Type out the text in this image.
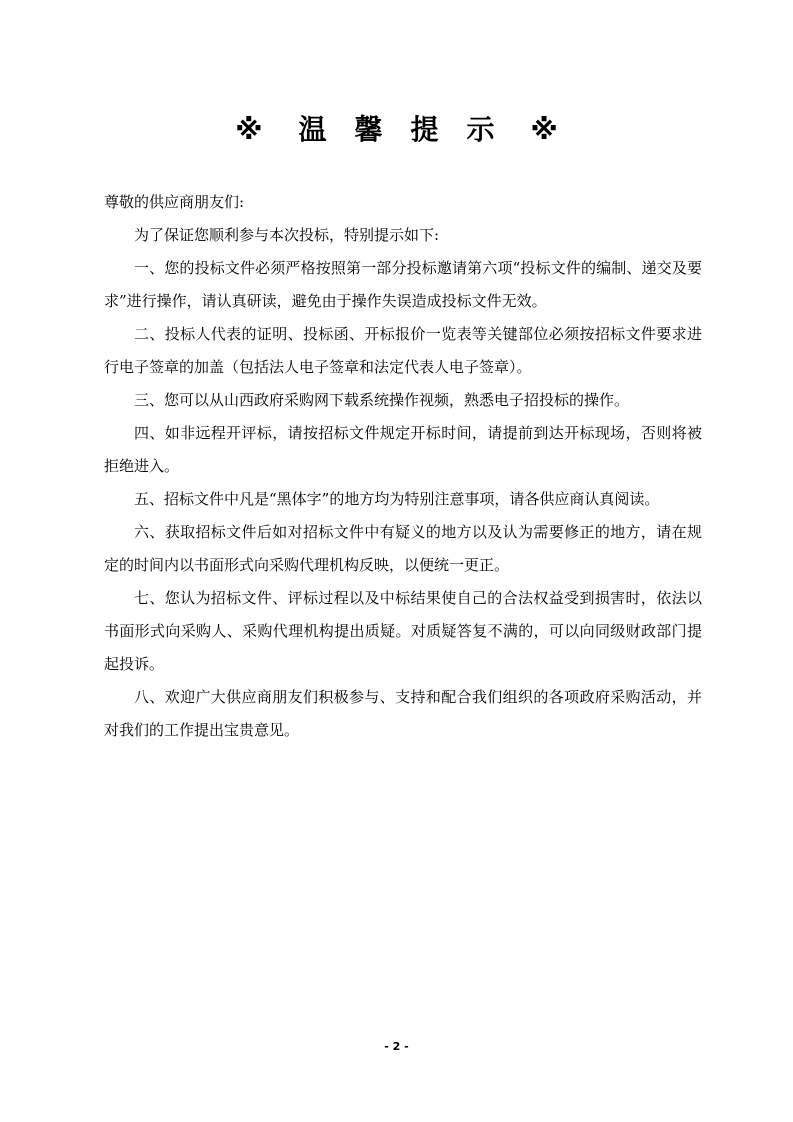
※ 温 馨 提 示 ※

尊敬的供应商朋友们:

为了保证您顺利参与本次投标，特别提示如下:

一、您的投标文件必须严格按照第一部分投标邀请第六项“投标文件的编制、递交及要求”进行操作，请认真研读，避免由于操作失误造成投标文件无效。

二、投标人代表的证明、投标函、开标报价一览表等关键部位必须按招标文件要求进行电子签章的加盖（包括法人电子签章和法定代表人电子签章）。

三、您可以从山西政府采购网下载系统操作视频，熟悉电子招投标的操作。

四、如非远程开评标，请按招标文件规定开标时间，请提前到达开标现场，否则将被拒绝进入。

五、招标文件中凡是“黑体字”的地方均为特别注意事项，请各供应商认真阅读。

六、获取招标文件后如对招标文件中有疑义的地方以及认为需要修正的地方，请在规定的时间内以书面形式向采购代理机构反映，以便统一更正。

七、您认为招标文件、评标过程以及中标结果使自己的合法权益受到损害时，依法以书面形式向采购人、采购代理机构提出质疑。对质疑答复不满的，可以向同级财政部门提起投诉。

八、欢迎广大供应商朋友们积极参与、支持和配合我们组织的各项政府采购活动，并对我们的工作提出宝贵意见。

- 2 -
